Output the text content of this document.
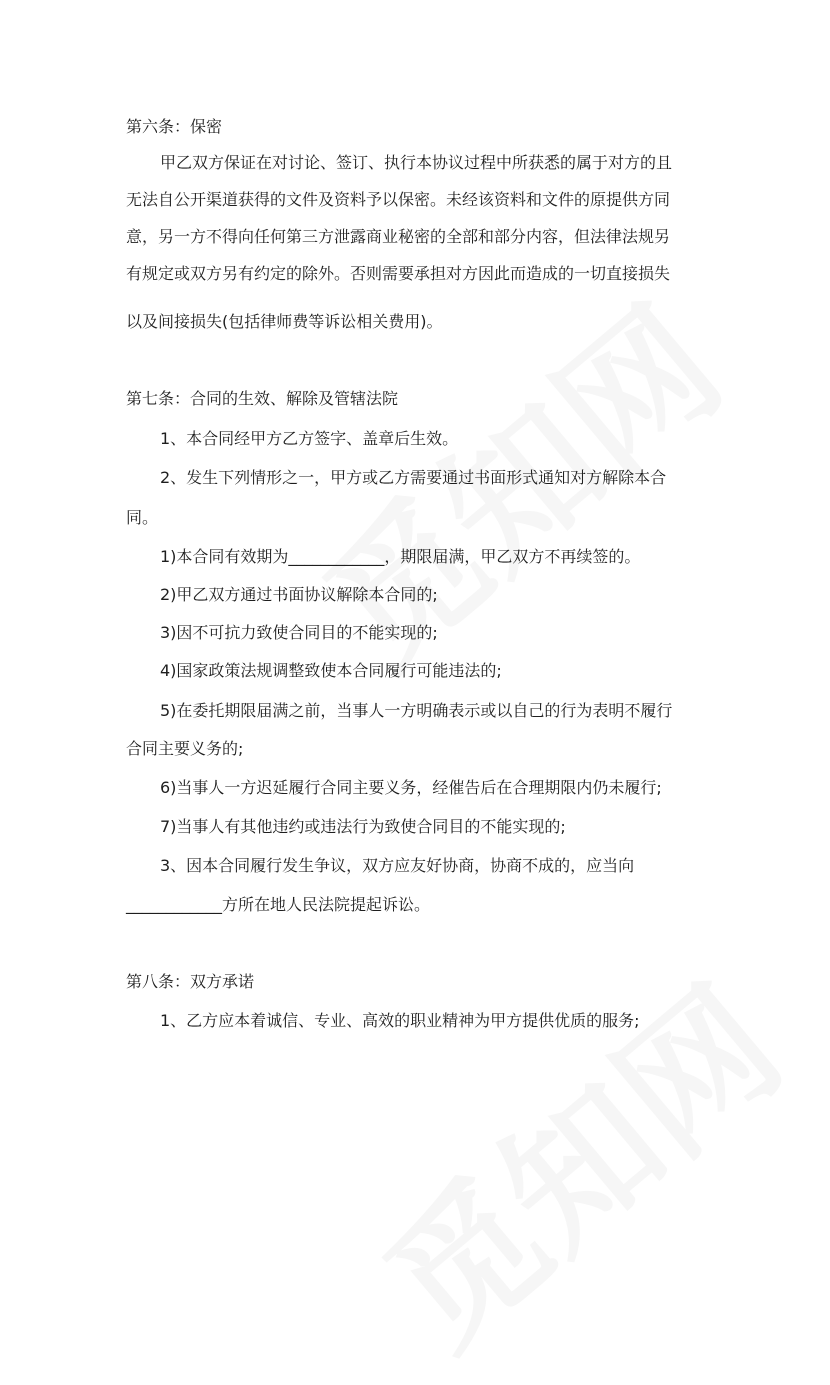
第六条：保密
甲乙双方保证在对讨论、签订、执行本协议过程中所获悉的属于对方的且
无法自公开渠道获得的文件及资料予以保密。未经该资料和文件的原提供方同
意，另一方不得向任何第三方泄露商业秘密的全部和部分内容，但法律法规另
有规定或双方另有约定的除外。否则需要承担对方因此而造成的一切直接损失
以及间接损失(包括律师费等诉讼相关费用)。
第七条：合同的生效、解除及管辖法院
1、本合同经甲方乙方签字、盖章后生效。
2、发生下列情形之一，甲方或乙方需要通过书面形式通知对方解除本合
同。
1)本合同有效期为____________，期限届满，甲乙双方不再续签的。
2)甲乙双方通过书面协议解除本合同的;
3)因不可抗力致使合同目的不能实现的;
4)国家政策法规调整致使本合同履行可能违法的;
5)在委托期限届满之前，当事人一方明确表示或以自己的行为表明不履行
合同主要义务的;
6)当事人一方迟延履行合同主要义务，经催告后在合理期限内仍未履行;
7)当事人有其他违约或违法行为致使合同目的不能实现的;
3、因本合同履行发生争议，双方应友好协商，协商不成的，应当向
____________方所在地人民法院提起诉讼。
第八条：双方承诺
1、乙方应本着诚信、专业、高效的职业精神为甲方提供优质的服务;
